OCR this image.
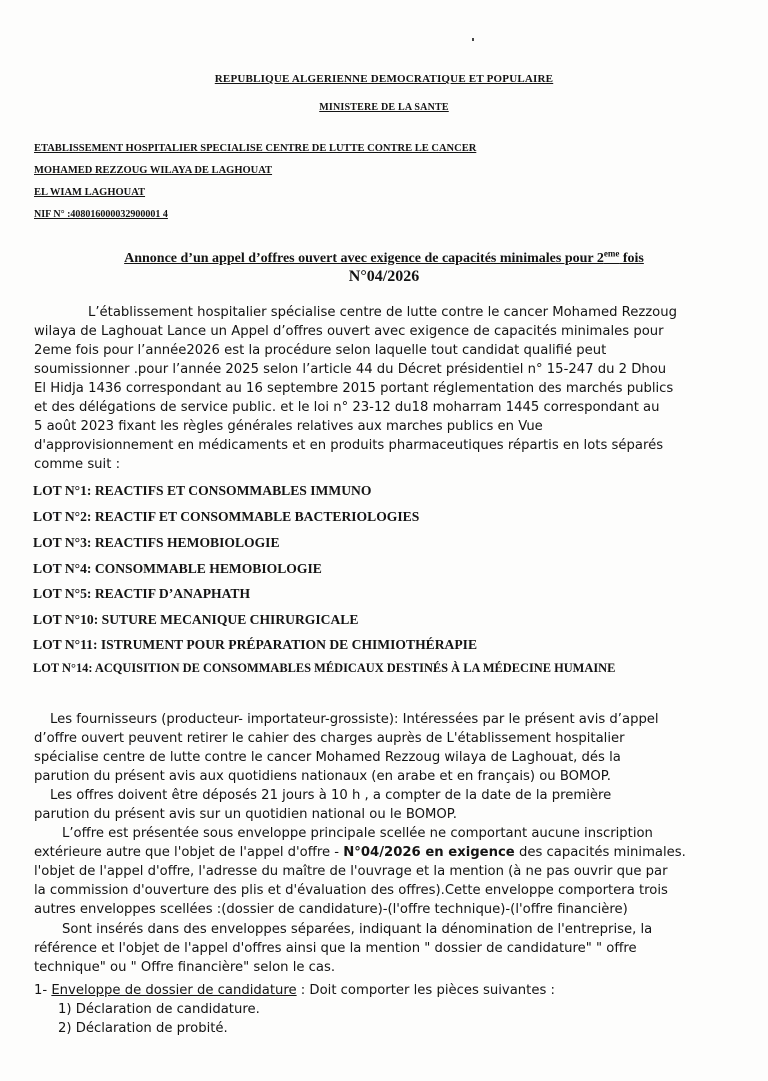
REPUBLIQUE ALGERIENNE DEMOCRATIQUE ET POPULAIRE
MINISTERE DE LA SANTE
ETABLISSEMENT HOSPITALIER SPECIALISE CENTRE DE LUTTE CONTRE LE CANCER
MOHAMED REZZOUG WILAYA DE LAGHOUAT
EL WIAM LAGHOUAT
NIF N° :408016000032900001 4
Annonce d’un appel d’offres ouvert avec exigence de capacités minimales pour 2eme fois
N°04/2026
L’établissement hospitalier spécialise centre de lutte contre le cancer Mohamed Rezzoug
wilaya de Laghouat Lance un Appel d’offres ouvert avec exigence de capacités minimales pour
2eme fois pour l’année2026 est la procédure selon laquelle tout candidat qualifié peut
soumissionner .pour l’année 2025 selon l’article 44 du Décret présidentiel n° 15-247 du 2 Dhou
El Hidja 1436 correspondant au 16 septembre 2015 portant réglementation des marchés publics
et des délégations de service public. et le loi n° 23-12 du18 moharram 1445 correspondant au
5 août 2023 fixant les règles générales relatives aux marches publics en Vue
d'approvisionnement en médicaments et en produits pharmaceutiques répartis en lots séparés
comme suit :
LOT N°1: REACTIFS ET CONSOMMABLES IMMUNO
LOT N°2: REACTIF ET CONSOMMABLE BACTERIOLOGIES
LOT N°3: REACTIFS HEMOBIOLOGIE
LOT N°4: CONSOMMABLE HEMOBIOLOGIE
LOT N°5: REACTIF D’ANAPHATH
LOT N°10: SUTURE MECANIQUE CHIRURGICALE
LOT N°11: ISTRUMENT POUR PRÉPARATION DE CHIMIOTHÉRAPIE
LOT N°14: ACQUISITION DE CONSOMMABLES MÉDICAUX DESTINÉS À LA MÉDECINE HUMAINE
Les fournisseurs (producteur- importateur-grossiste): Intéressées par le présent avis d’appel
d’offre ouvert peuvent retirer le cahier des charges auprès de L'établissement hospitalier
spécialise centre de lutte contre le cancer Mohamed Rezzoug wilaya de Laghouat, dés la
parution du présent avis aux quotidiens nationaux (en arabe et en français) ou BOMOP.
Les offres doivent être déposés 21 jours à 10 h , a compter de la date de la première
parution du présent avis sur un quotidien national ou le BOMOP.
L’offre est présentée sous enveloppe principale scellée ne comportant aucune inscription
extérieure autre que l'objet de l'appel d'offre - N°04/2026 en exigence des capacités minimales.
l'objet de l'appel d'offre, l'adresse du maître de l'ouvrage et la mention (à ne pas ouvrir que par
la commission d'ouverture des plis et d'évaluation des offres).Cette enveloppe comportera trois
autres enveloppes scellées :(dossier de candidature)-(l'offre technique)-(l'offre financière)
Sont insérés dans des enveloppes séparées, indiquant la dénomination de l'entreprise, la
référence et l'objet de l'appel d'offres ainsi que la mention " dossier de candidature" " offre
technique" ou " Offre financière" selon le cas.
1- Enveloppe de dossier de candidature : Doit comporter les pièces suivantes :
1) Déclaration de candidature.
2) Déclaration de probité.
